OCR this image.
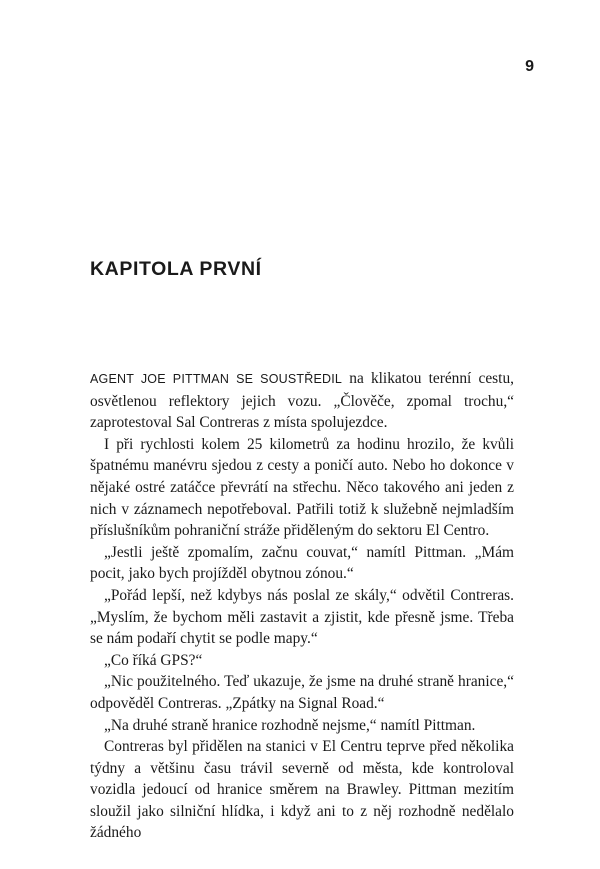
9
KAPITOLA PRVNÍ

AGENT JOE PITTMAN SE SOUSTŘEDIL na klikatou terénní cestu, osvětlenou reflektory jejich vozu. „Člověče, zpomal trochu,“ zaprotestoval Sal Contreras z místa spolujezdce.

I při rychlosti kolem 25 kilometrů za hodinu hrozilo, že kvůli špatnému manévru sjedou z cesty a poničí auto. Nebo ho dokonce v nějaké ostré zatáčce převrátí na střechu. Něco takového ani jeden z nich v záznamech nepotřeboval. Patřili totiž k služebně nejmladším příslušníkům pohraniční stráže přiděleným do sektoru El Centro.

„Jestli ještě zpomalím, začnu couvat,“ namítl Pittman. „Mám pocit, jako bych projížděl obytnou zónou.“

„Pořád lepší, než kdybys nás poslal ze skály,“ odvětil Contreras. „Myslím, že bychom měli zastavit a zjistit, kde přesně jsme. Třeba se nám podaří chytit se podle mapy.“

„Co říká GPS?“

„Nic použitelného. Teď ukazuje, že jsme na druhé straně hranice,“ odpověděl Contreras. „Zpátky na Signal Road.“

„Na druhé straně hranice rozhodně nejsme,“ namítl Pittman.

Contreras byl přidělen na stanici v El Centru teprve před několika týdny a většinu času trávil severně od města, kde kontroloval vozidla jedoucí od hranice směrem na Brawley. Pittman mezitím sloužil jako silniční hlídka, i když ani to z něj rozhodně nedělalo žádného
